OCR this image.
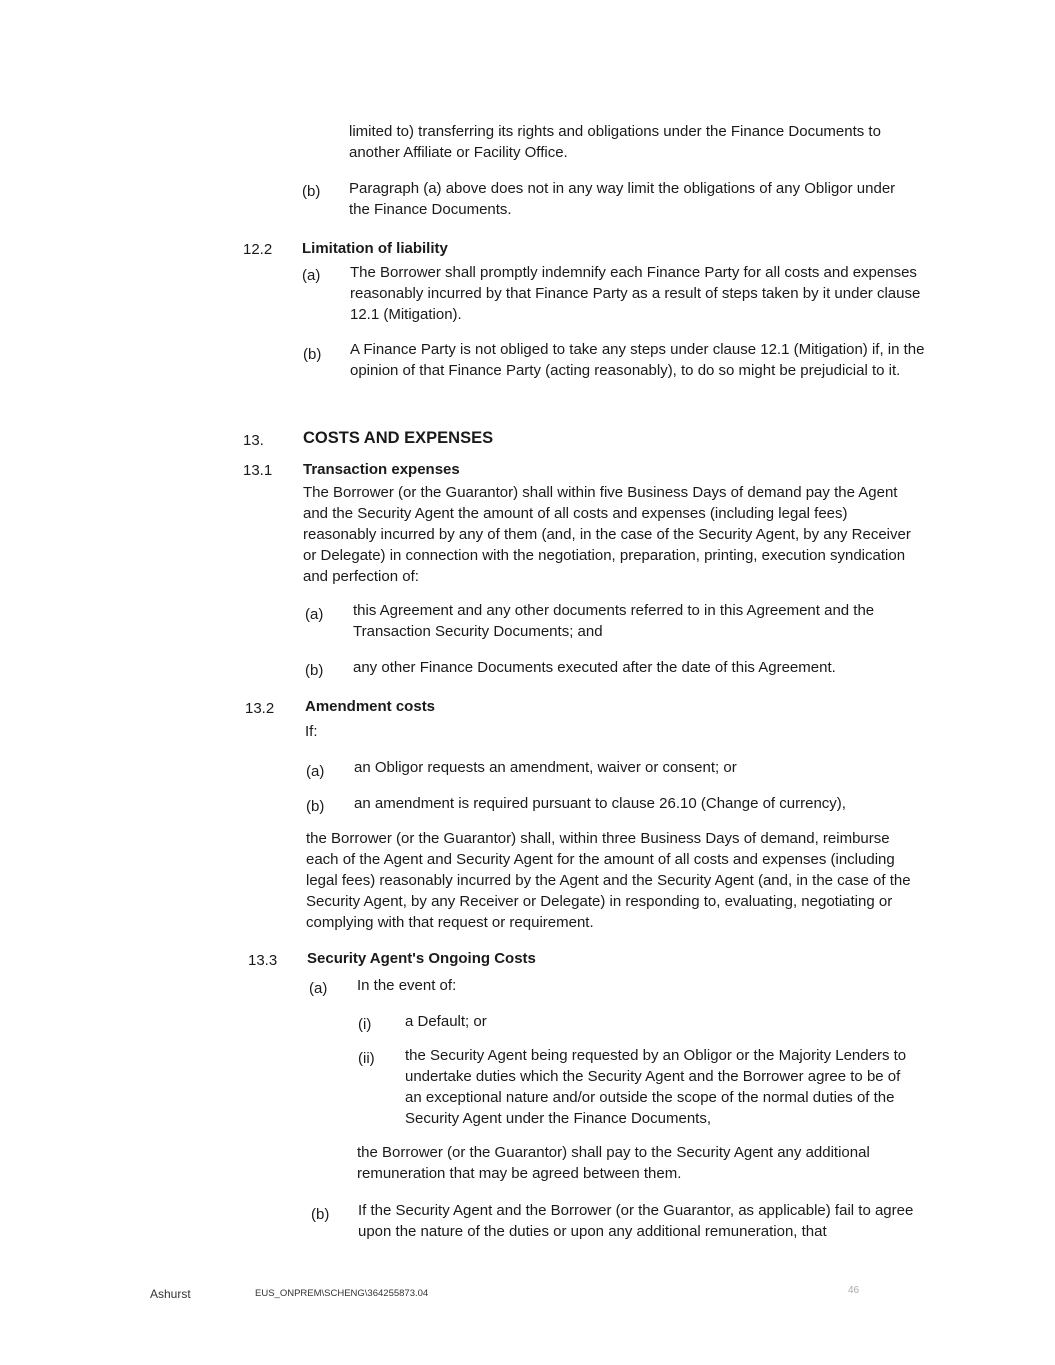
limited to) transferring its rights and obligations under the Finance Documents to another Affiliate or Facility Office.
(b) Paragraph (a) above does not in any way limit the obligations of any Obligor under the Finance Documents.
12.2 Limitation of liability
(a) The Borrower shall promptly indemnify each Finance Party for all costs and expenses reasonably incurred by that Finance Party as a result of steps taken by it under clause 12.1 (Mitigation).
(b) A Finance Party is not obliged to take any steps under clause 12.1 (Mitigation) if, in the opinion of that Finance Party (acting reasonably), to do so might be prejudicial to it.
13. COSTS AND EXPENSES
13.1 Transaction expenses
The Borrower (or the Guarantor) shall within five Business Days of demand pay the Agent and the Security Agent the amount of all costs and expenses (including legal fees) reasonably incurred by any of them (and, in the case of the Security Agent, by any Receiver or Delegate) in connection with the negotiation, preparation, printing, execution syndication and perfection of:
(a) this Agreement and any other documents referred to in this Agreement and the Transaction Security Documents; and
(b) any other Finance Documents executed after the date of this Agreement.
13.2 Amendment costs
If:
(a) an Obligor requests an amendment, waiver or consent; or
(b) an amendment is required pursuant to clause 26.10 (Change of currency),
the Borrower (or the Guarantor) shall, within three Business Days of demand, reimburse each of the Agent and Security Agent for the amount of all costs and expenses (including legal fees) reasonably incurred by the Agent and the Security Agent (and, in the case of the Security Agent, by any Receiver or Delegate) in responding to, evaluating, negotiating or complying with that request or requirement.
13.3 Security Agent's Ongoing Costs
(a) In the event of:
(i) a Default; or
(ii) the Security Agent being requested by an Obligor or the Majority Lenders to undertake duties which the Security Agent and the Borrower agree to be of an exceptional nature and/or outside the scope of the normal duties of the Security Agent under the Finance Documents,
the Borrower (or the Guarantor) shall pay to the Security Agent any additional remuneration that may be agreed between them.
(b) If the Security Agent and the Borrower (or the Guarantor, as applicable) fail to agree upon the nature of the duties or upon any additional remuneration, that
Ashurst	EUS_ONPREM\SCHENG\364255873.04	46
